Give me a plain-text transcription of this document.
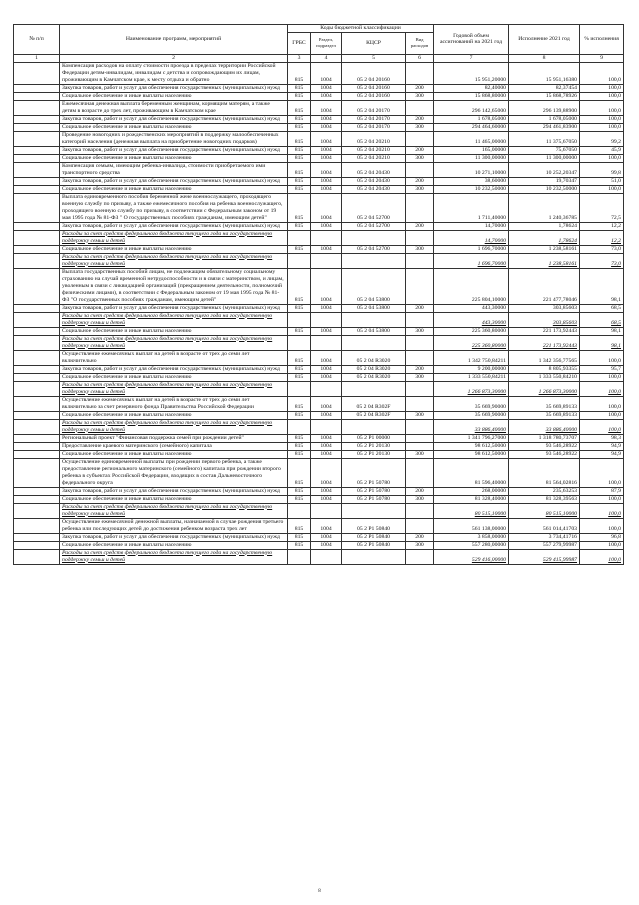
№ п/п	Наименование программ, мероприятий	Коды бюджетной классификации				Годовой объем ассигнований на 2021 год	Исполнение 2021 год	% исполнения
		ГРБС	Раздел, подраздел	КЦСР	Вид расходов			
1	2	3	4	5	6	7	8	9
	Компенсация расходов на оплату стоимости проезда в пределах территории Российской Федерации детям-инвалидам, инвалидам с детства и сопровождающим их лицам, проживающим в Камчатском крае, к месту отдыха и обратно	815	1004	05 2 04 20160		15 951,20000	15 951,16380	100,0
	Закупка товаров, работ и услуг для обеспечения государственных (муниципальных) нужд	815	1004	05 2 04 20160	200	82,40000	82,37454	100,0
	Социальное обеспечение и иные выплаты населению	815	1004	05 2 04 20160	300	15 868,80000	15 868,78926	100,0
	Ежемесячная денежная выплата беременным женщинам, кормящим матерям, а также детям в возрасте до трех лет, проживающим в Камчатском крае	815	1004	05 2 04 20170		296 142,65000	296 139,88900	100,0
	Закупка товаров, работ и услуг для обеспечения государственных (муниципальных) нужд	815	1004	05 2 04 20170	200	1 678,05000	1 678,05000	100,0
	Социальное обеспечение и иные выплаты населению	815	1004	05 2 04 20170	300	294 464,60000	294 461,83900	100,0
	Проведение новогодних и рождественских мероприятий в поддержку малообеспеченных категорий населения (денежная выплата на приобретение новогодних подарков)	815	1004	05 2 04 20210		11 465,00000	11 375,67050	99,2
	Закупка товаров, работ и услуг для обеспечения государственных (муниципальных) нужд	815	1004	05 2 04 20210	200	165,00000	75,67050	45,9
	Социальное обеспечение и иные выплаты населению	815	1004	05 2 04 20210	300	11 300,00000	11 300,00000	100,0
	Компенсация семьям, имеющим ребенка-инвалида, стоимости приобретаемого ими транспортного средства	815	1004	05 2 04 20430		10 271,10000	10 252,20347	99,8
	Закупка товаров, работ и услуг для обеспечения государственных (муниципальных) нужд	815	1004	05 2 04 20430	200	38,60000	19,70347	51,0
	Социальное обеспечение и иные выплаты населению	815	1004	05 2 04 20430	300	10 232,50000	10 232,50000	100,0
	Выплата единовременного пособия беременной жене военнослужащего, проходящего военную службу по призыву, а также ежемесячного пособия на ребенка военнослужащего, проходящего военную службу по призыву, в соответствии с Федеральным законом от 19 мая 1995 года № 81-ФЗ " О государственных пособиях гражданам, имеющим детей"	815	1004	05 2 04 52700		1 711,40000	1 240,36785	72,5
	Закупка товаров, работ и услуг для обеспечения государственных (муниципальных) нужд	815	1004	05 2 04 52700	200	14,70000	1,78624	12,2
	Расходы за счет средств федерального бюджета текущего года на государственную поддержку семьи и детей					14,70000	1,78624	12,2
	Социальное обеспечение и иные выплаты населению	815	1004	05 2 04 52700	300	1 696,70000	1 238,58161	73,0
	Расходы за счет средств федерального бюджета текущего года на государственную поддержку семьи и детей					1 696,70000	1 238,58161	73,0
	Выплата государственных пособий лицам, не подлежащим обязательному социальному страхованию на случай временной нетрудоспособности и в связи с материнством, и лицам, уволенным в связи с ликвидацией организаций (прекращением деятельности, полномочий физическими лицами), в соответствии с Федеральным законом от 19 мая 1995 года № 81-ФЗ "О государственных пособиях гражданам, имеющим детей"	815	1004	05 2 04 53800		225 804,10000	221 477,78046	98,1
	Закупка товаров, работ и услуг для обеспечения государственных (муниципальных) нужд	815	1004	05 2 04 53800	200	443,30000	303,85603	68,5
	Расходы за счет средств федерального бюджета текущего года на государственную поддержку семьи и детей					443,30000	303,85603	68,5
	Социальное обеспечение и иные выплаты населению	815	1004	05 2 04 53800	300	225 360,80000	221 173,92443	98,1
	Расходы за счет средств федерального бюджета текущего года на государственную поддержку семьи и детей					225 360,80000	221 173,92443	98,1
	Осуществление ежемесячных выплат на детей в возрасте от трех до семи лет включительно	815	1004	05 2 04 R3020		1 342 750,84211	1 342 356,77565	100,0
	Закупка товаров, работ и услуг для обеспечения государственных (муниципальных) нужд	815	1004	05 2 04 R3020	200	9 200,00000	8 805,93355	95,7
	Социальное обеспечение и иные выплаты населению	815	1004	05 2 04 R3020	300	1 333 550,84211	1 333 550,84210	100,0
	Расходы за счет средств федерального бюджета текущего года на государственную поддержку семьи и детей					1 266 873,30000	1 266 873,30000	100,0
	Осуществление ежемесячных выплат на детей в возрасте от трех до семи лет включительно за счет резервного фонда Правительства Российской Федерации	815	1004	05 2 04 R302F		35 669,90000	35 669,89133	100,0
	Социальное обеспечение и иные выплаты населению	815	1004	05 2 04 R302F	300	35 669,90000	35 669,89133	100,0
	Расходы за счет средств федерального бюджета текущего года на государственную поддержку семьи и детей					33 886,40000	33 886,40000	100,0
	Региональный проект "Финансовая поддержка семей при рождении детей"	815	1004	05 2 P1 00000		1 341 796,27000	1 318 780,73707	98,3
	Предоставление краевого материнского (семейного) капитала	815	1004	05 2 P1 20130		98 612,50000	93 546,28922	94,9
	Социальное обеспечение и иные выплаты населению	815	1004	05 2 P1 20130	300	98 612,50000	93 546,28922	94,9
	Осуществление единовременной выплаты при рождении первого ребенка, а также предоставление регионального материнского (семейного) капитала при рождении второго ребенка в субъектах Российской Федерации, входящих в состав Дальневосточного федерального округа	815	1004	05 2 P1 50780		81 596,40000	81 564,02816	100,0
	Закупка товаров, работ и услуг для обеспечения государственных (муниципальных) нужд	815	1004	05 2 P1 50780	200	268,00000	235,63253	87,9
	Социальное обеспечение и иные выплаты населению	815	1004	05 2 P1 50780	300	81 328,40000	81 328,39563	100,0
	Расходы за счет средств федерального бюджета текущего года на государственную поддержку семьи и детей					80 515,10000	80 515,10000	100,0
	Осуществление ежемесячной денежной выплаты, назначаемой в случае рождения третьего ребенка или последующих детей до достижения ребенком возраста трех лет	815	1004	05 2 P1 50840		561 138,00000	561 014,41703	100,0
	Закупка товаров, работ и услуг для обеспечения государственных (муниципальных) нужд	815	1004	05 2 P1 50840	200	3 858,00000	3 734,41716	96,8
	Социальное обеспечение и иные выплаты населению	815	1004	05 2 P1 50840	300	557 280,00000	557 279,99987	100,0
	Расходы за счет средств федерального бюджета текущего года на государственную поддержку семьи и детей					529 416,00000	529 415,99987	100,0
8
